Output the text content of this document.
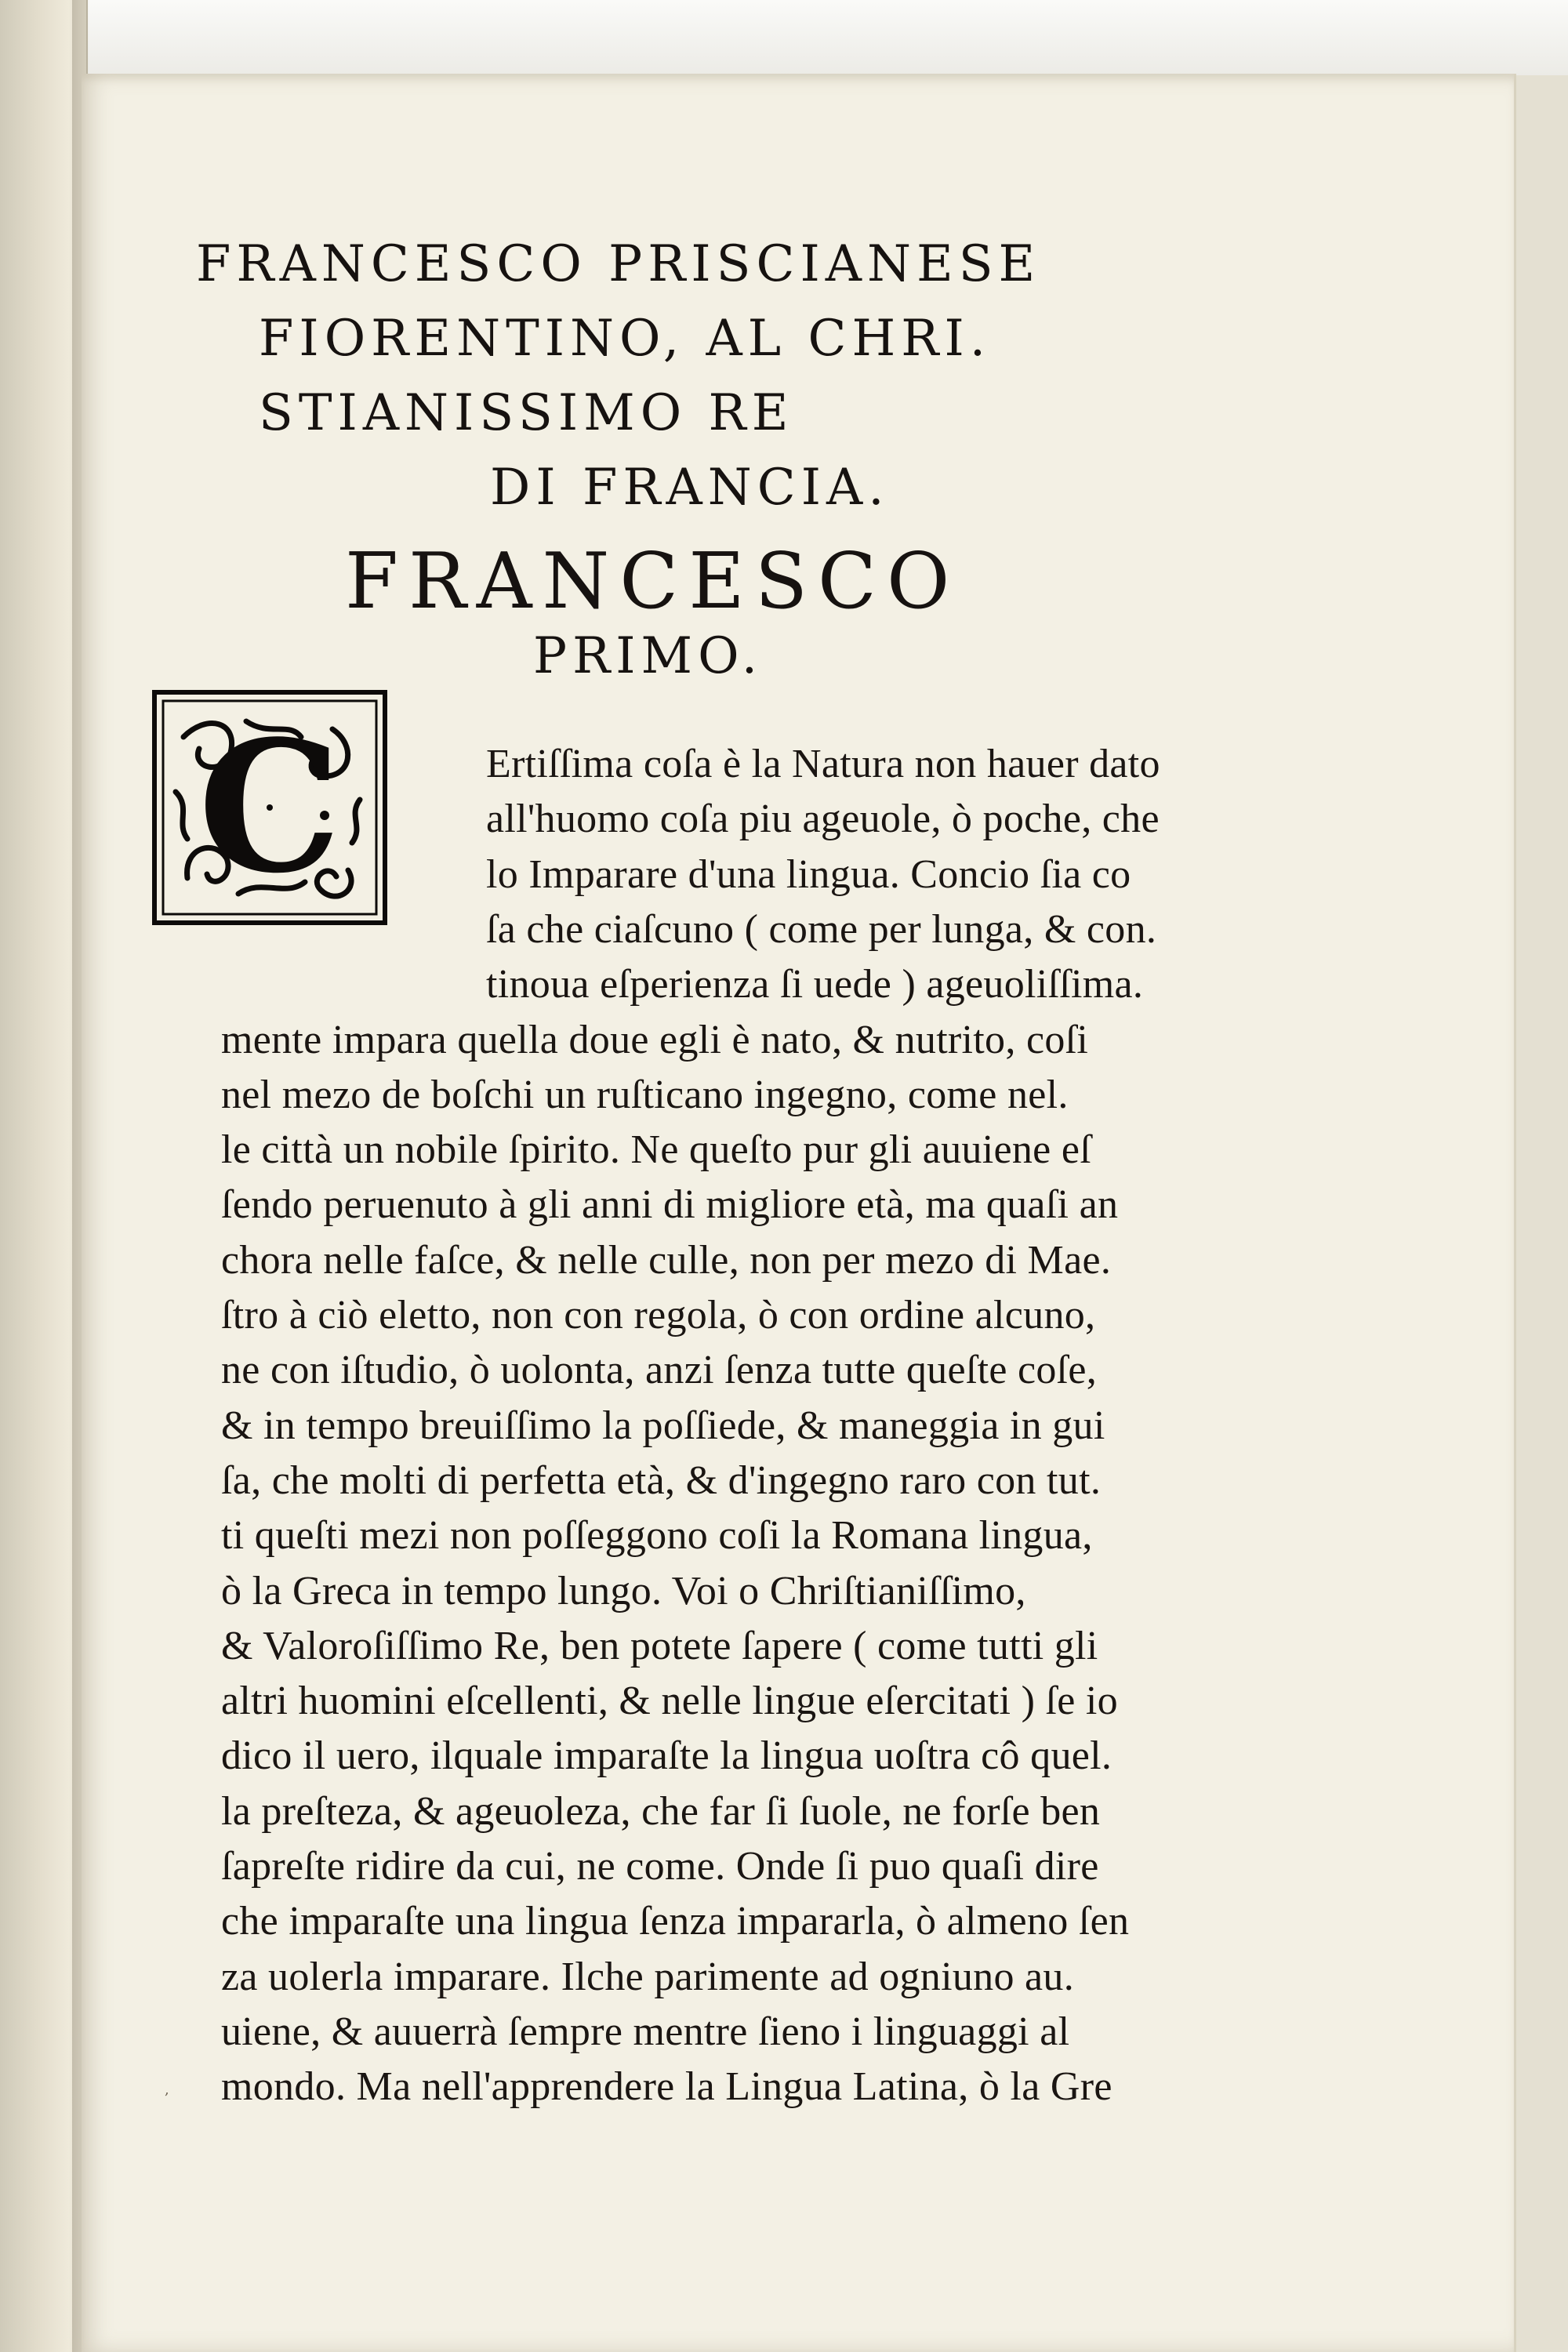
FRANCESCO PRISCIANESE
FIORENTINO, AL CHRI.
STIANISSIMO RE
DI FRANCIA.
FRANCESCO
PRIMO.
C	Ertiſſima coſa è la Natura non hauer dato
all'huomo coſa piu ageuole, ò poche, che
lo Imparare d'una lingua. Concio ſia co
ſa che ciaſcuno ( come per lunga, & con.
tinoua eſperienza ſi uede ) ageuoliſſima.
mente impara quella doue egli è nato, & nutrito, coſi
nel mezo de boſchi un ruſticano ingegno, come nel.
le città un nobile ſpirito. Ne queſto pur gli auuiene eſ
ſendo peruenuto à gli anni di migliore età, ma quaſi an
chora nelle faſce, & nelle culle, non per mezo di Mae.
ſtro à ciò eletto, non con regola, ò con ordine alcuno,
ne con iſtudio, ò uolonta, anzi ſenza tutte queſte coſe,
& in tempo breuiſſimo la poſſiede, & maneggia in gui
ſa, che molti di perfetta età, & d'ingegno raro con tut.
ti queſti mezi non poſſeggono coſi la Romana lingua,
ò la Greca in tempo lungo. Voi o Chriſtianiſſimo,
& Valoroſiſſimo Re, ben potete ſapere ( come tutti gli
altri huomini eſcellenti, & nelle lingue eſercitati ) ſe io
dico il uero, ilquale imparaſte la lingua uoſtra cô quel.
la preſteza, & ageuoleza, che far ſi ſuole, ne forſe ben
ſapreſte ridire da cui, ne come. Onde ſi puo quaſi dire
che imparaſte una lingua ſenza impararla, ò almeno ſen
za uolerla imparare. Ilche parimente ad ogniuno au.
uiene, & auuerrà ſempre mentre ſieno i linguaggi al
mondo. Ma nell'apprendere la Lingua Latina, ò la Gre
,
